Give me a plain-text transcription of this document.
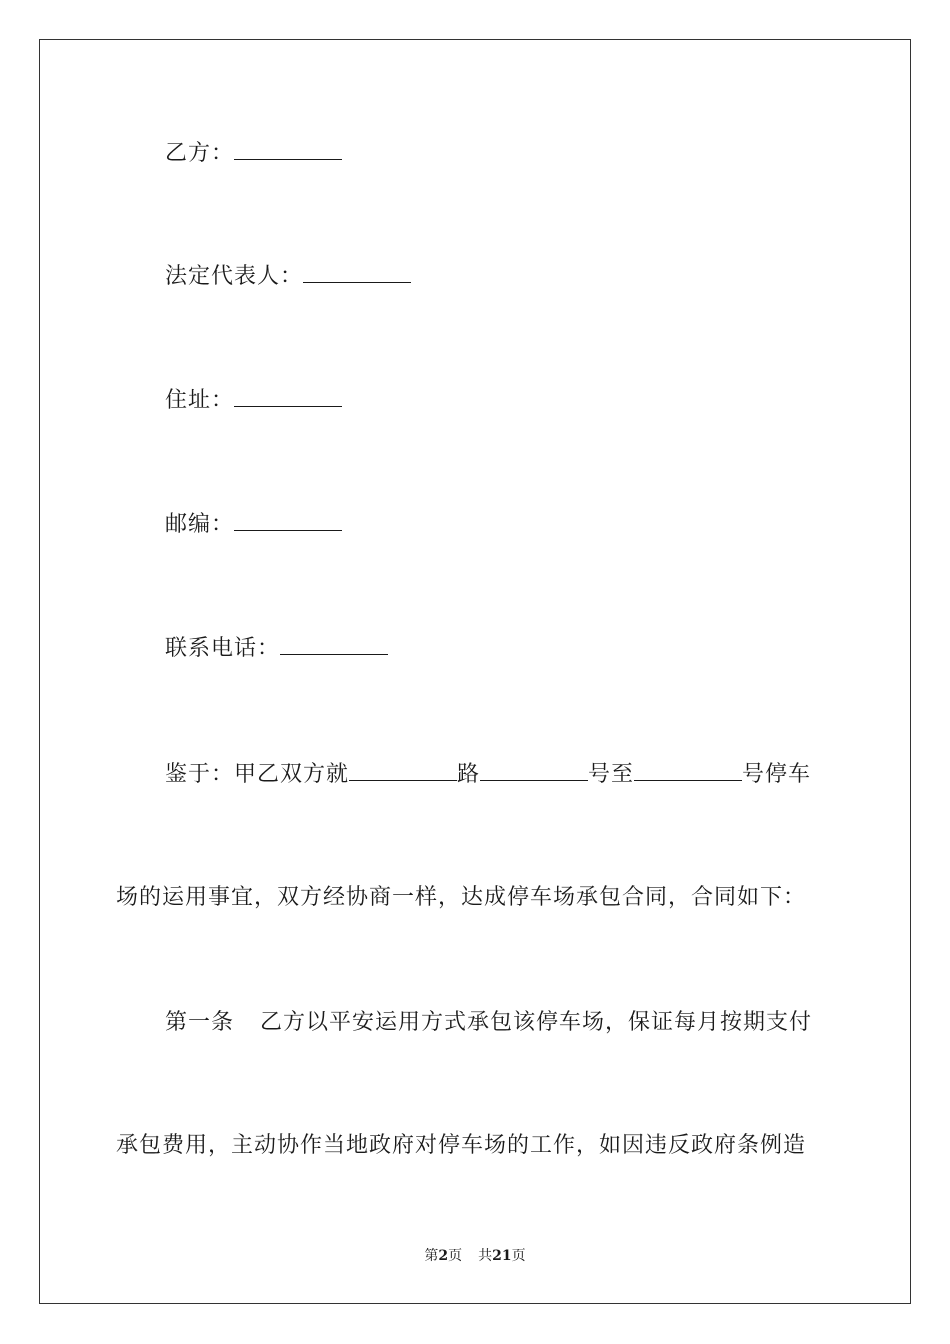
乙方：
法定代表人：
住址：
邮编：
联系电话：
鉴于：甲乙双方就	路	号至	号停车
场的运用事宜，双方经协商一样，达成停车场承包合同，合同如下：
第一条 乙方以平安运用方式承包该停车场，保证每月按期支付
承包费用，主动协作当地政府对停车场的工作，如因违反政府条例造
第2页 共21页
